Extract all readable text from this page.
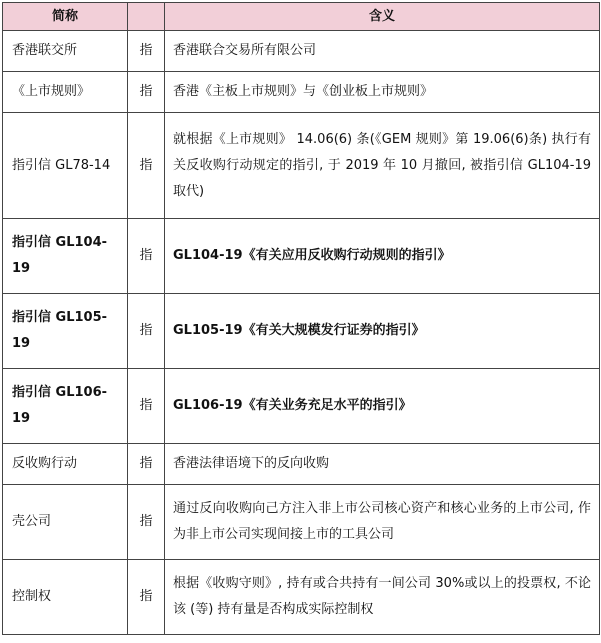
简称		含义
香港联交所	指	香港联合交易所有限公司
《上市规则》	指	香港《主板上市规则》与《创业板上市规则》
指引信 GL78-14	指	就根据《上市规则》 14.06(6) 条(《GEM 规则》第 19.06(6)条) 执行有关反收购行动规定的指引, 于 2019 年 10 月撤回, 被指引信 GL104-19 取代)
指引信 GL104-19	指	GL104-19《有关应用反收购行动规则的指引》
指引信 GL105-19	指	GL105-19《有关大规模发行证券的指引》
指引信 GL106-19	指	GL106-19《有关业务充足水平的指引》
反收购行动	指	香港法律语境下的反向收购
壳公司	指	通过反向收购向己方注入非上市公司核心资产和核心业务的上市公司, 作为非上市公司实现间接上市的工具公司
控制权	指	根据《收购守则》, 持有或合共持有一间公司 30%或以上的投票权, 不论该 (等) 持有量是否构成实际控制权
